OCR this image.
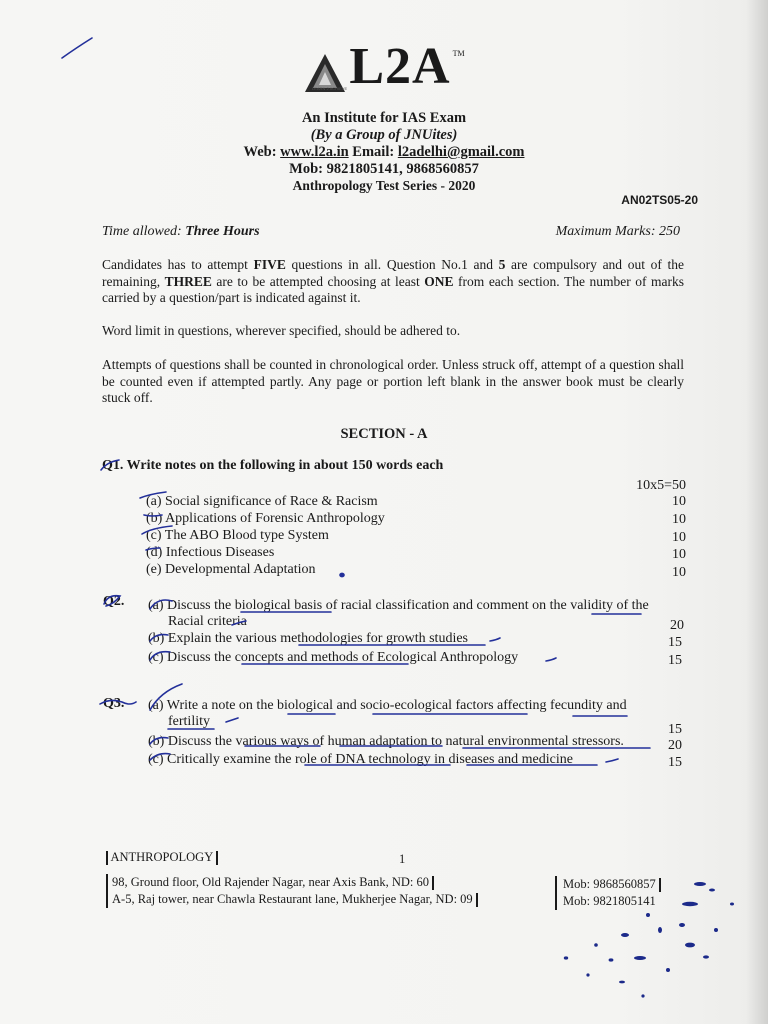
L2A TM
LEARN 2 ACHIEVE
An Institute for IAS Exam
(By a Group of JNUites)
Web: www.l2a.in Email: l2adelhi@gmail.com
Mob: 9821805141, 9868560857
Anthropology Test Series - 2020
AN02TS05-20
Time allowed: Three Hours	Maximum Marks: 250
Candidates has to attempt FIVE questions in all. Question No.1 and 5 are compulsory and out of the remaining, THREE are to be attempted choosing at least ONE from each section. The number of marks carried by a question/part is indicated against it.
Word limit in questions, wherever specified, should be adhered to.
Attempts of questions shall be counted in chronological order. Unless struck off, attempt of a question shall be counted even if attempted partly. Any page or portion left blank in the answer book must be clearly stuck off.
SECTION - A
Q1. Write notes on the following in about 150 words each
10x5=50
(a) Social significance of Race & Racism	10
(b) Applications of Forensic Anthropology	10
(c) The ABO Blood type System	10
(d) Infectious Diseases	10
(e) Developmental Adaptation	10
Q2. (a) Discuss the biological basis of racial classification and comment on the validity of the
Racial criteria	20
(b) Explain the various methodologies for growth studies	15
(c) Discuss the concepts and methods of Ecological Anthropology	15
Q3. (a) Write a note on the biological and socio-ecological factors affecting fecundity and
fertility
15
(b) Discuss the various ways of human adaptation to natural environmental stressors.	20
(c) Critically examine the role of DNA technology in diseases and medicine	15
ANTHROPOLOGY	1
98, Ground floor, Old Rajender Nagar, near Axis Bank, ND: 60
A-5, Raj tower, near Chawla Restaurant lane, Mukherjee Nagar, ND: 09
Mob: 9868560857
Mob: 9821805141
